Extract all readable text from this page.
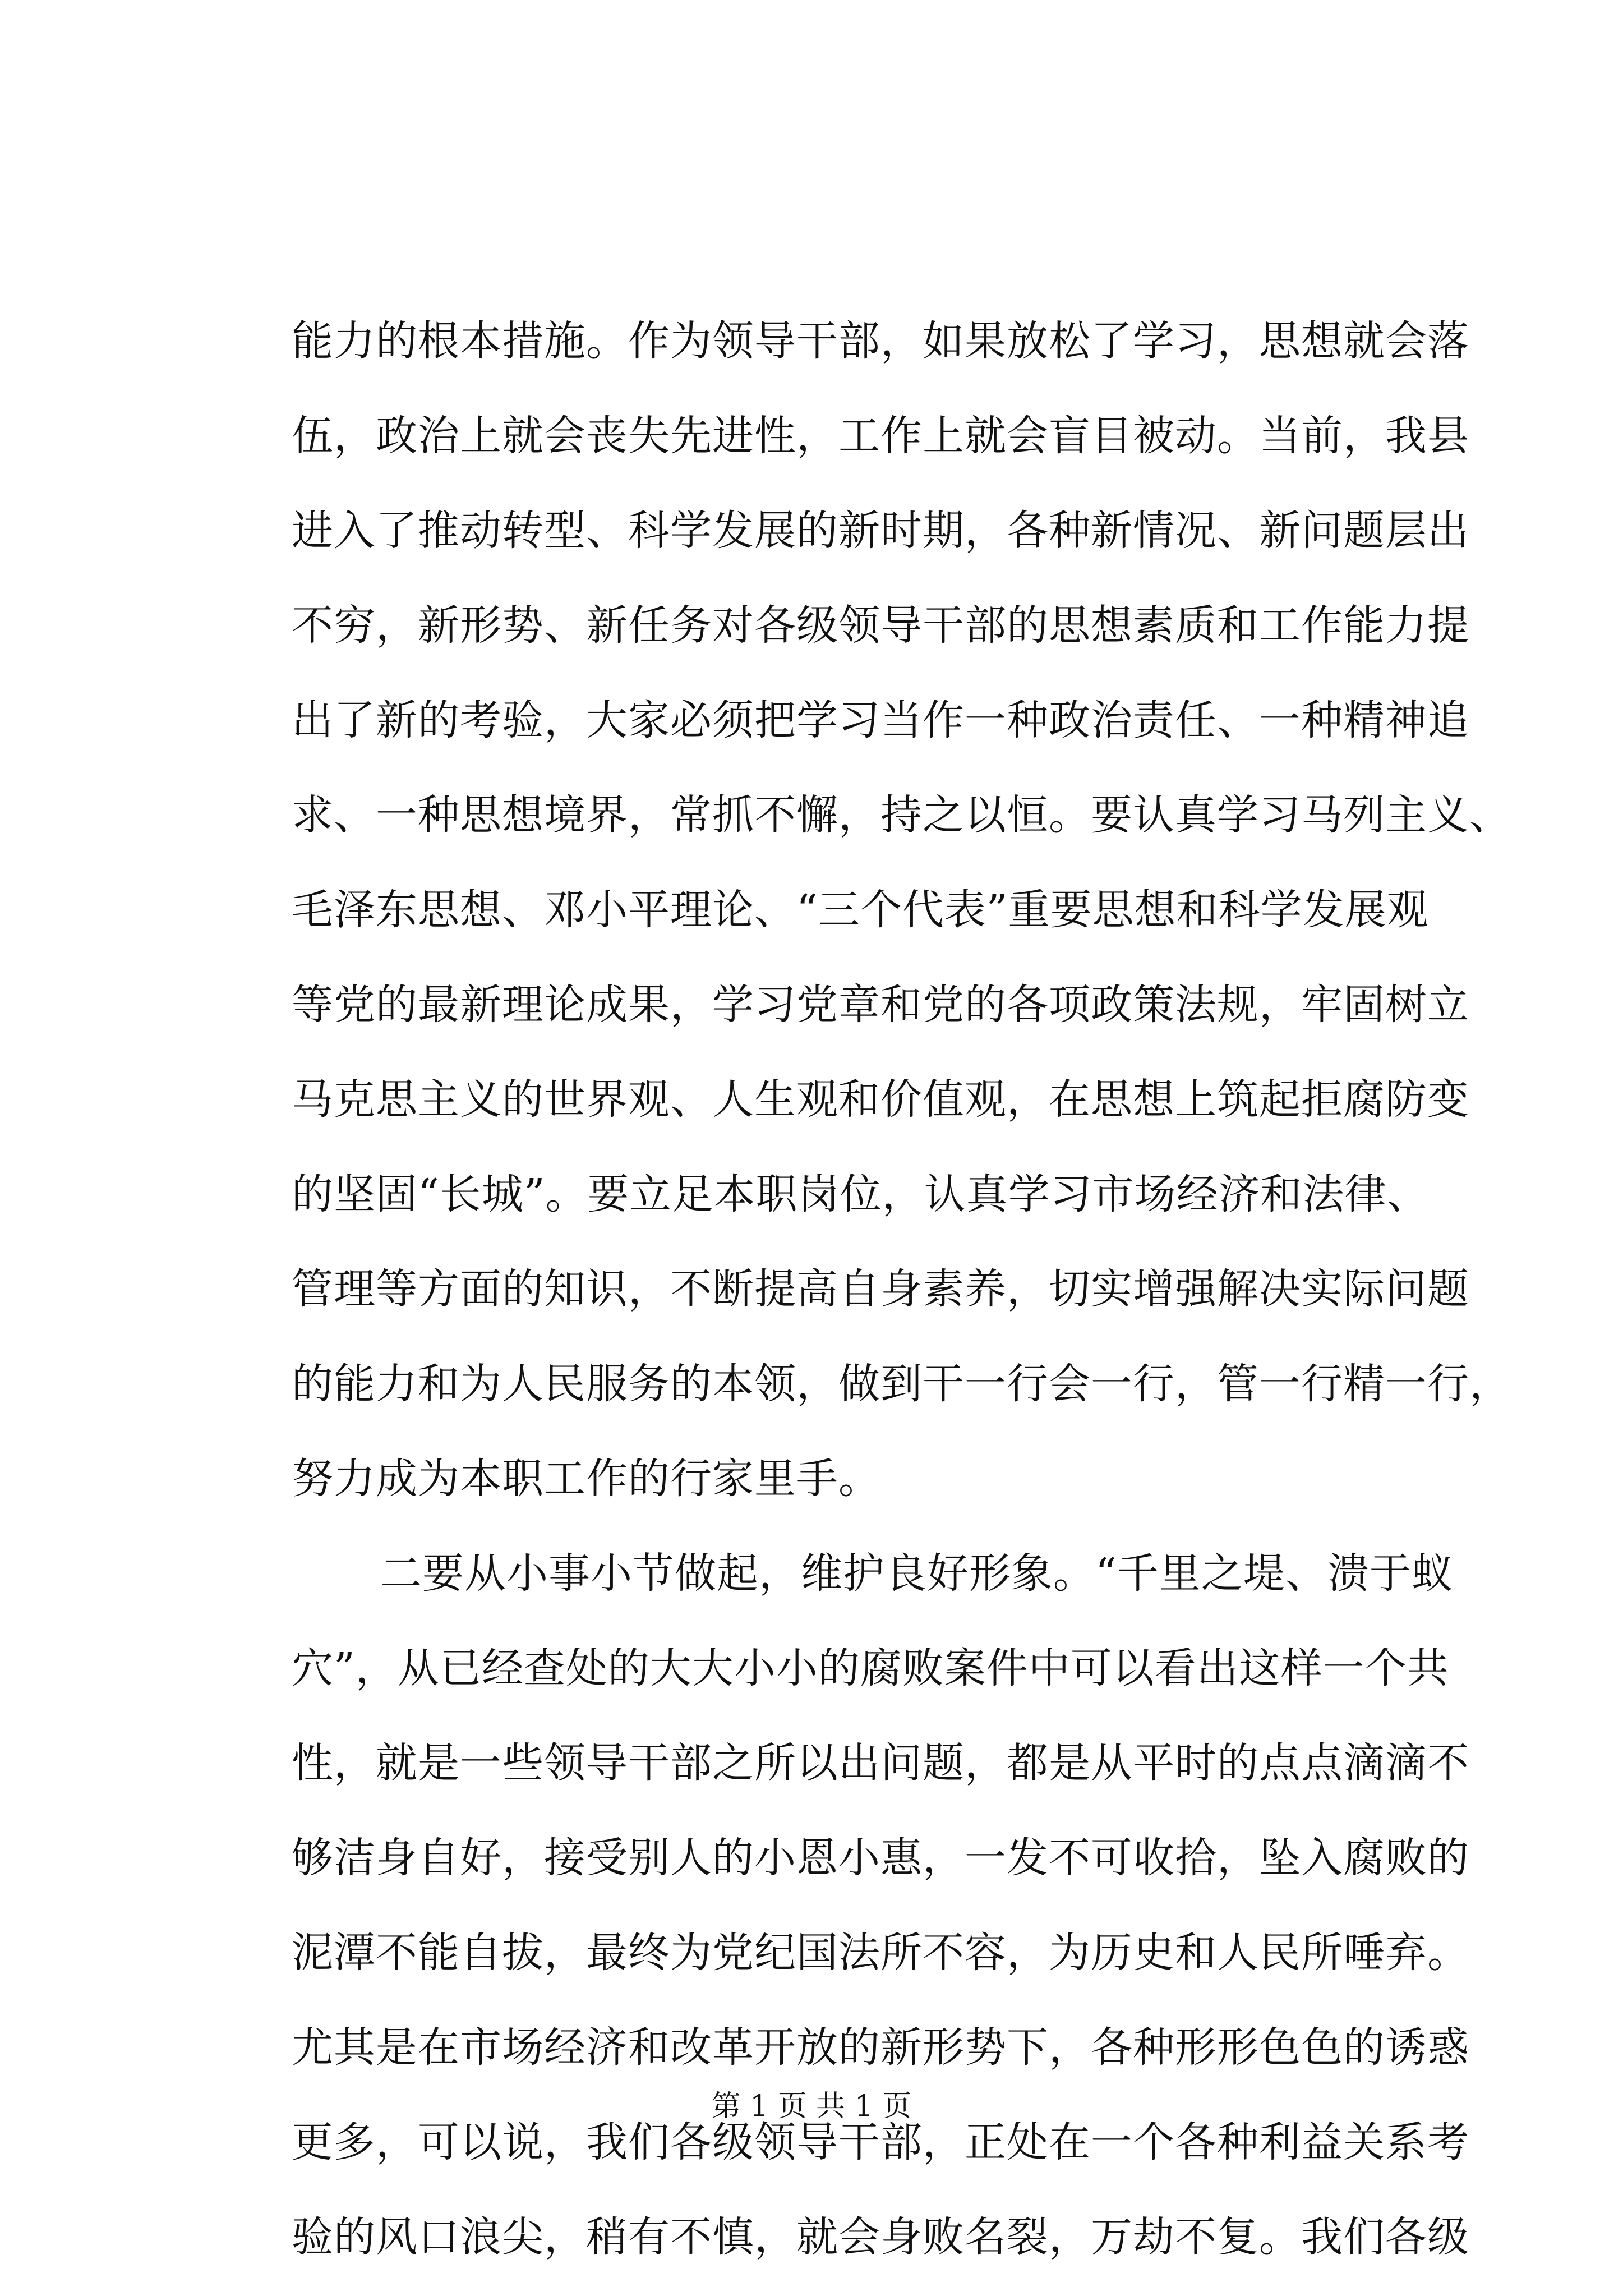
能力的根本措施。作为领导干部，如果放松了学习，思想就会落
伍，政治上就会丧失先进性，工作上就会盲目被动。当前，我县
进入了推动转型、科学发展的新时期，各种新情况、新问题层出
不穷，新形势、新任务对各级领导干部的思想素质和工作能力提
出了新的考验，大家必须把学习当作一种政治责任、一种精神追
求、一种思想境界，常抓不懈，持之以恒。要认真学习马列主义、
毛泽东思想、邓小平理论、“三个代表”重要思想和科学发展观
等党的最新理论成果，学习党章和党的各项政策法规，牢固树立
马克思主义的世界观、人生观和价值观，在思想上筑起拒腐防变
的坚固“长城”。要立足本职岗位，认真学习市场经济和法律、
管理等方面的知识，不断提高自身素养，切实增强解决实际问题
的能力和为人民服务的本领，做到干一行会一行，管一行精一行，
努力成为本职工作的行家里手。
二要从小事小节做起，维护良好形象。“千里之堤、溃于蚁
穴”，从已经查处的大大小小的腐败案件中可以看出这样一个共
性，就是一些领导干部之所以出问题，都是从平时的点点滴滴不
够洁身自好，接受别人的小恩小惠，一发不可收拾，坠入腐败的
泥潭不能自拔，最终为党纪国法所不容，为历史和人民所唾弃。
尤其是在市场经济和改革开放的新形势下，各种形形色色的诱惑
更多，可以说，我们各级领导干部，正处在一个各种利益关系考
验的风口浪尖，稍有不慎，就会身败名裂，万劫不复。我们各级
第 1 页 共 1 页
